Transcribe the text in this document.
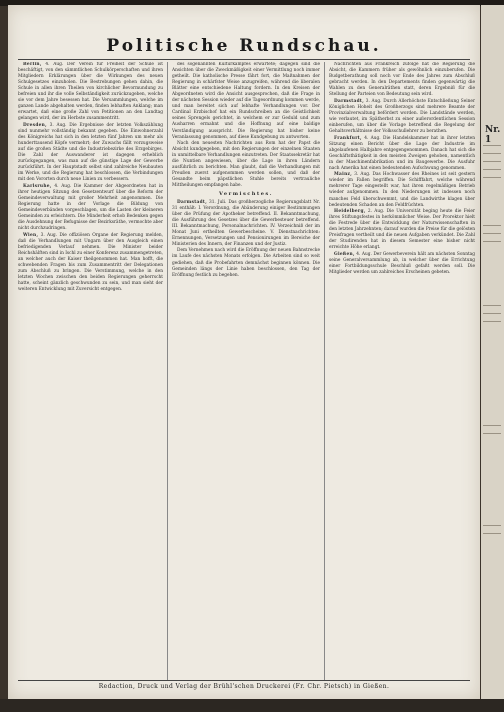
Nr. 1
Politische Rundschau.

Berlin, 4. Aug. Der Verein für Freiheit der Schule ist beschäftigt, von den sämmtlichen Schulkörperschaften und ihren Mitgliedern Erklärungen über die Wirkungen des neuen Schulgesetzes einzuholen. Die Bestrebungen gehen dahin, die Schule in allen ihren Theilen von kirchlicher Bevormundung zu befreien und ihr die volle Selbständigkeit zurückzugeben, welche sie vor dem Jahre besessen hat. Die Versammlungen, welche im ganzen Lande abgehalten werden, finden lebhaften Anklang; man erwartet, daß eine große Zahl von Petitionen an den Landtag gelangen wird, der im Herbste zusammentritt.

Dresden, 3. Aug. Die Ergebnisse der letzten Volkszählung sind nunmehr vollständig bekannt gegeben. Die Einwohnerzahl des Königreichs hat sich in den letzten fünf Jahren um mehr als hunderttausend Köpfe vermehrt; der Zuwachs fällt vorzugsweise auf die großen Städte und die Industriebezirke des Erzgebirges. Die Zahl der Auswanderer ist dagegen erheblich zurückgegangen, was man auf die günstige Lage der Gewerbe zurückführt. In der Hauptstadt selbst sind zahlreiche Neubauten im Werke, und die Regierung hat beschlossen, die Verbindungen mit den Vororten durch neue Linien zu verbessern.

Karlsruhe, 4. Aug. Die Kammer der Abgeordneten hat in ihrer heutigen Sitzung den Gesetzentwurf über die Reform der Gemeindeverwaltung mit großer Mehrheit angenommen. Die Regierung hatte in der Vorlage die Bildung von Gemeindeverbänden vorgeschlagen, um die Lasten der kleineren Gemeinden zu erleichtern. Die Minderheit erhob Bedenken gegen die Ausdehnung der Befugnisse der Bezirksräthe, vermochte aber nicht durchzudringen.

Wien, 3. Aug. Die offiziösen Organe der Regierung melden, daß die Verhandlungen mit Ungarn über den Ausgleich einen befriedigenden Verlauf nehmen. Die Minister beider Reichshälften sind in Ischl zu einer Konferenz zusammengetreten, an welcher auch der Kaiser theilgenommen hat. Man hofft, die schwebenden Fragen bis zum Zusammentritt der Delegationen zum Abschluß zu bringen. Die Verstimmung, welche in den letzten Wochen zwischen den beiden Regierungen geherrscht hatte, scheint gänzlich geschwunden zu sein, und man sieht der weiteren Entwicklung mit Zuversicht entgegen.

des sogenannten Kulturkampfes erwartete; dagegen sind die Ansichten über die Zweckmäßigkeit einer Vermittlung noch immer getheilt. Die katholische Presse fährt fort, die Maßnahmen der Regierung in schärfster Weise anzugreifen, während die liberalen Blätter eine entschiedene Haltung fordern. In den Kreisen der Abgeordneten wird die Ansicht ausgesprochen, daß die Frage in der nächsten Session wieder auf die Tagesordnung kommen werde, und man bereitet sich auf lebhafte Verhandlungen vor. Der Cardinal Erzbischof hat ein Rundschreiben an die Geistlichkeit seines Sprengels gerichtet, in welchem er zur Geduld und zum Ausharren ermahnt und die Hoffnung auf eine baldige Verständigung ausspricht. Die Regierung hat bisher keine Veranlassung genommen, auf diese Kundgebung zu antworten.

Nach den neuesten Nachrichten aus Rom hat der Papst die Absicht kundgegeben, mit den Regierungen der einzelnen Staaten in unmittelbare Verhandlungen einzutreten. Der Staatssekretär hat die Nuntien angewiesen, über die Lage in ihren Ländern ausführlich zu berichten. Man glaubt, daß die Verhandlungen mit Preußen zuerst aufgenommen werden sollen, und daß der Gesandte beim päpstlichen Stuhle bereits vertrauliche Mittheilungen empfangen habe.

Vermischtes.

Darmstadt, 31. Juli. Das großherzogliche Regierungsblatt Nr. 31 enthält: I. Verordnung, die Abänderung einiger Bestimmungen über die Prüfung der Apotheker betreffend. II. Bekanntmachung, die Ausführung des Gesetzes über die Gewerbesteuer betreffend. III. Bekanntmachung, Personalnachrichten. IV. Verzeichniß der im Monat Juni ertheilten Gewerbescheine. V. Dienstnachrichten: Ernennungen, Versetzungen und Pensionirungen im Bereiche der Ministerien des Innern, der Finanzen und der Justiz.

Dem Vernehmen nach wird die Eröffnung der neuen Bahnstrecke im Laufe des nächsten Monats erfolgen. Die Arbeiten sind so weit gediehen, daß die Probefahrten demnächst beginnen können. Die Gemeinden längs der Linie haben beschlossen, den Tag der Eröffnung festlich zu begehen.

Nachrichten aus Frankreich zufolge hat die Regierung die Absicht, die Kammern früher als gewöhnlich einzuberufen. Die Budgetberathung soll noch vor Ende des Jahres zum Abschluß gebracht werden. In den Departements finden gegenwärtig die Wahlen zu den Generalräthen statt, deren Ergebniß für die Stellung der Parteien von Bedeutung sein wird.

Darmstadt, 3. Aug. Durch Allerhöchste Entschließung Seiner Königlichen Hoheit des Großherzogs sind mehrere Beamte der Provinzialverwaltung befördert worden. Die Landstände werden, wie verlautet, im Spätherbst zu einer außerordentlichen Session einberufen, um über die Vorlage betreffend die Regelung der Gehaltsverhältnisse der Volksschullehrer zu berathen.

Frankfurt, 4. Aug. Die Handelskammer hat in ihrer letzten Sitzung einen Bericht über die Lage der Industrie im abgelaufenen Halbjahre entgegengenommen. Danach hat sich die Geschäftsthätigkeit in den meisten Zweigen gehoben, namentlich in der Maschinenfabrikation und im Baugewerbe. Die Ausfuhr nach Amerika hat einen bedeutenden Aufschwung genommen.

Mainz, 3. Aug. Das Hochwasser des Rheines ist seit gestern wieder im Fallen begriffen. Die Schifffahrt, welche während mehrerer Tage eingestellt war, hat ihren regelmäßigen Betrieb wieder aufgenommen. In den Niederungen ist indessen noch manches Feld überschwemmt, und die Landwirthe klagen über bedeutenden Schaden an den Feldfrüchten.

Heidelberg, 2. Aug. Die Universität beging heute die Feier ihres Stiftungsfestes in herkömmlicher Weise. Der Prorektor hielt die Festrede über die Entwicklung der Naturwissenschaften in den letzten Jahrzehnten; darauf wurden die Preise für die gelösten Preisfragen vertheilt und die neuen Aufgaben verkündet. Die Zahl der Studirenden hat in diesem Semester eine bisher nicht erreichte Höhe erlangt.

Gießen, 4. Aug. Der Gewerbeverein hält am nächsten Sonntag seine Generalversammlung ab, in welcher über die Errichtung einer Fortbildungsschule Beschluß gefaßt werden soll. Die Mitglieder werden um zahlreiches Erscheinen gebeten.

Redaction, Druck und Verlag der Brühl'schen Druckerei (Fr. Chr. Pietsch) in Gießen.
